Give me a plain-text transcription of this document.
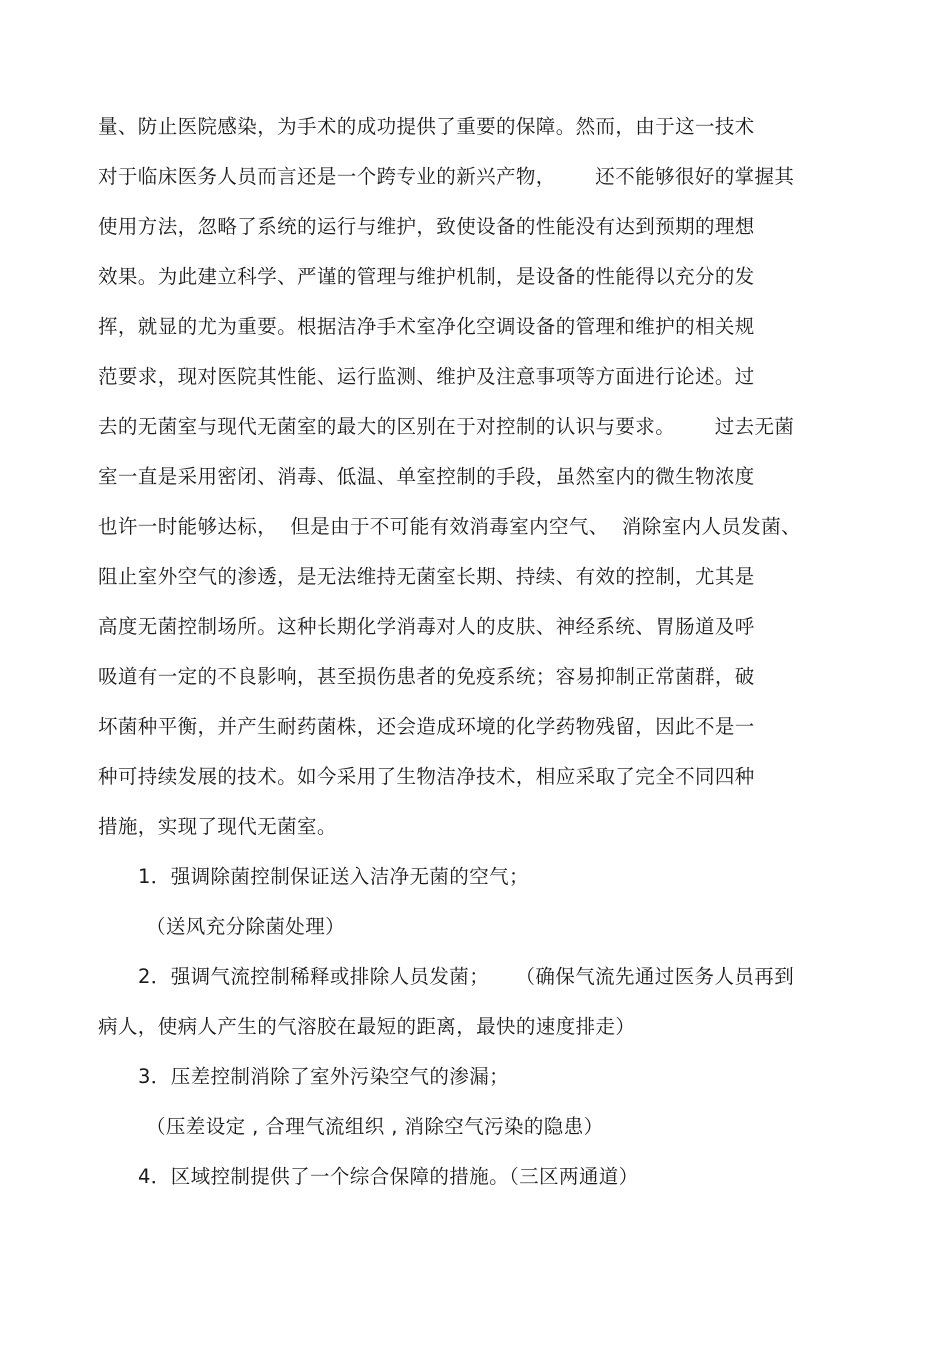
量、防止医院感染，为手术的成功提供了重要的保障。然而，由于这一技术
对于临床医务人员而言还是一个跨专业的新兴产物，      还不能够很好的掌握其
使用方法，忽略了系统的运行与维护，致使设备的性能没有达到预期的理想
效果。为此建立科学、严谨的管理与维护机制，是设备的性能得以充分的发
挥，就显的尤为重要。根据洁净手术室净化空调设备的管理和维护的相关规
范要求，现对医院其性能、运行监测、维护及注意事项等方面进行论述。过
去的无菌室与现代无菌室的最大的区别在于对控制的认识与要求。      过去无菌
室一直是采用密闭、消毒、低温、单室控制的手段，虽然室内的微生物浓度
也许一时能够达标，  但是由于不可能有效消毒室内空气、  消除室内人员发菌、
阻止室外空气的渗透，是无法维持无菌室长期、持续、有效的控制，尤其是
高度无菌控制场所。这种长期化学消毒对人的皮肤、神经系统、胃肠道及呼
吸道有一定的不良影响，甚至损伤患者的免疫系统；容易抑制正常菌群，破
坏菌种平衡，并产生耐药菌株，还会造成环境的化学药物残留，因此不是一
种可持续发展的技术。如今采用了生物洁净技术，相应采取了完全不同四种
措施，实现了现代无菌室。
1．强调除菌控制保证送入洁净无菌的空气；
（送风充分除菌处理）
2．强调气流控制稀释或排除人员发菌；    （确保气流先通过医务人员再到
病人，使病人产生的气溶胶在最短的距离，最快的速度排走）
3．压差控制消除了室外污染空气的渗漏；
（压差设定 , 合理气流组织 , 消除空气污染的隐患）
4．区域控制提供了一个综合保障的措施。（三区两通道）
